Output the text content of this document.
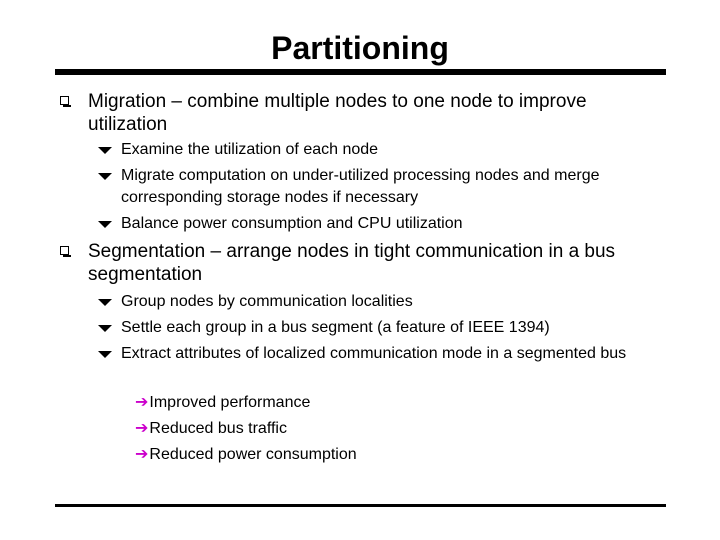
Partitioning
Migration – combine multiple nodes to one node to improve utilization
Examine the utilization of each node
Migrate computation on under-utilized processing nodes and merge corresponding storage nodes if necessary
Balance power consumption and CPU utilization
Segmentation – arrange nodes in tight communication in a bus segmentation
Group nodes by communication localities
Settle each group in a bus segment (a feature of IEEE 1394)
Extract attributes of localized communication mode in a segmented bus
➔Improved performance
➔Reduced bus traffic
➔Reduced power consumption
